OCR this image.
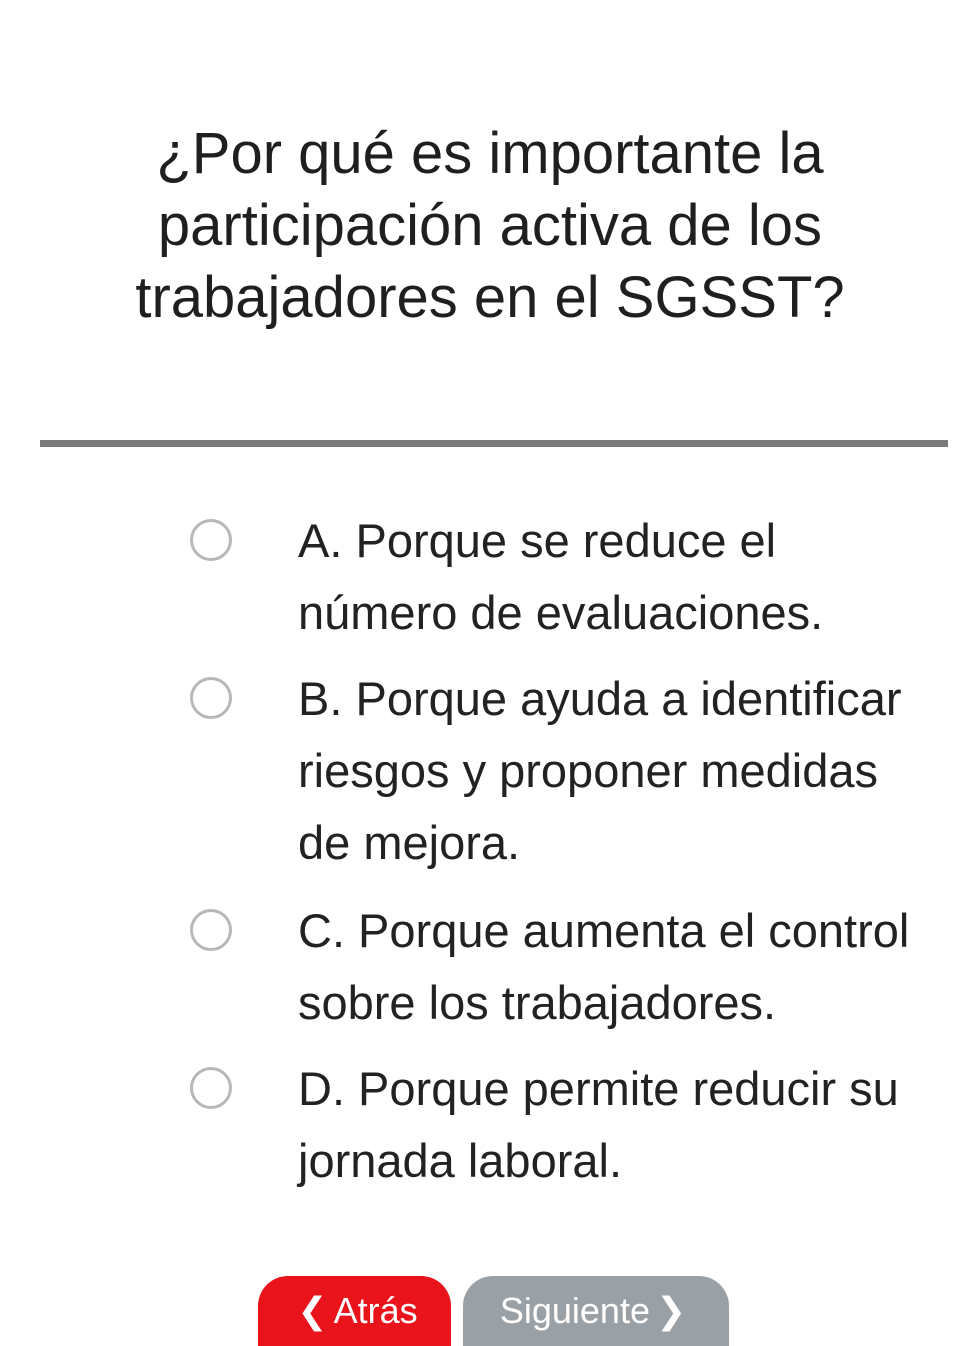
¿Por qué es importante la participación activa de los trabajadores en el SGSST?
A. Porque se reduce el número de evaluaciones.
B. Porque ayuda a identificar riesgos y proponer medidas de mejora.
C. Porque aumenta el control sobre los trabajadores.
D. Porque permite reducir su jornada laboral.
❮ Atrás Siguiente ❯
